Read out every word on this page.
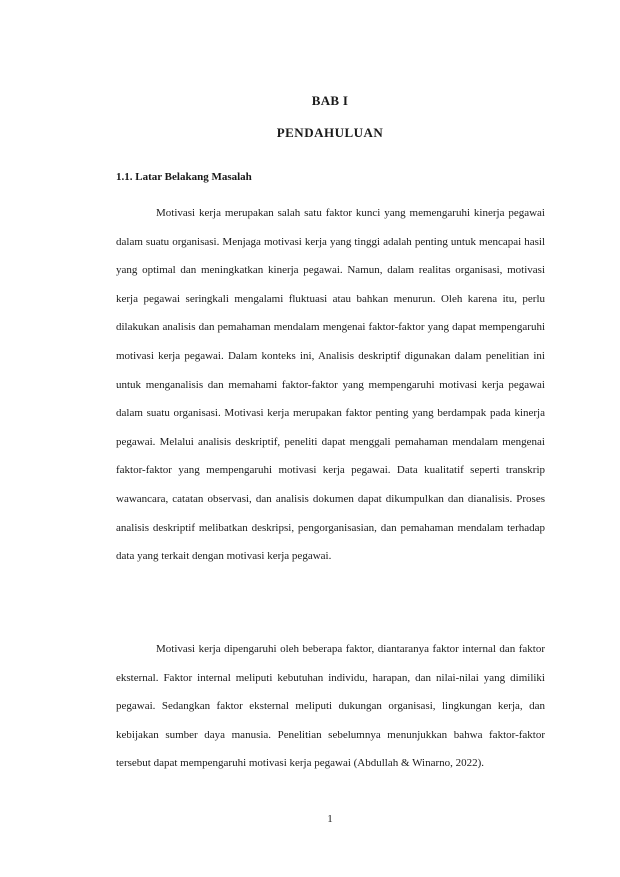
BAB I
PENDAHULUAN
1.1. Latar Belakang Masalah

Motivasi kerja merupakan salah satu faktor kunci yang memengaruhi kinerja pegawai dalam suatu organisasi. Menjaga motivasi kerja yang tinggi adalah penting untuk mencapai hasil yang optimal dan meningkatkan kinerja pegawai. Namun, dalam realitas organisasi, motivasi kerja pegawai seringkali mengalami fluktuasi atau bahkan menurun. Oleh karena itu, perlu dilakukan analisis dan pemahaman mendalam mengenai faktor-faktor yang dapat mempengaruhi motivasi kerja pegawai. Dalam konteks ini, Analisis deskriptif digunakan dalam penelitian ini untuk menganalisis dan memahami faktor-faktor yang mempengaruhi motivasi kerja pegawai dalam suatu organisasi. Motivasi kerja merupakan faktor penting yang berdampak pada kinerja pegawai. Melalui analisis deskriptif, peneliti dapat menggali pemahaman mendalam mengenai faktor-faktor yang mempengaruhi motivasi kerja pegawai. Data kualitatif seperti transkrip wawancara, catatan observasi, dan analisis dokumen dapat dikumpulkan dan dianalisis. Proses analisis deskriptif melibatkan deskripsi, pengorganisasian, dan pemahaman mendalam terhadap data yang terkait dengan motivasi kerja pegawai.

Motivasi kerja dipengaruhi oleh beberapa faktor, diantaranya faktor internal dan faktor eksternal. Faktor internal meliputi kebutuhan individu, harapan, dan nilai-nilai yang dimiliki pegawai. Sedangkan faktor eksternal meliputi dukungan organisasi, lingkungan kerja, dan kebijakan sumber daya manusia. Penelitian sebelumnya menunjukkan bahwa faktor-faktor tersebut dapat mempengaruhi motivasi kerja pegawai (Abdullah & Winarno, 2022).

1
